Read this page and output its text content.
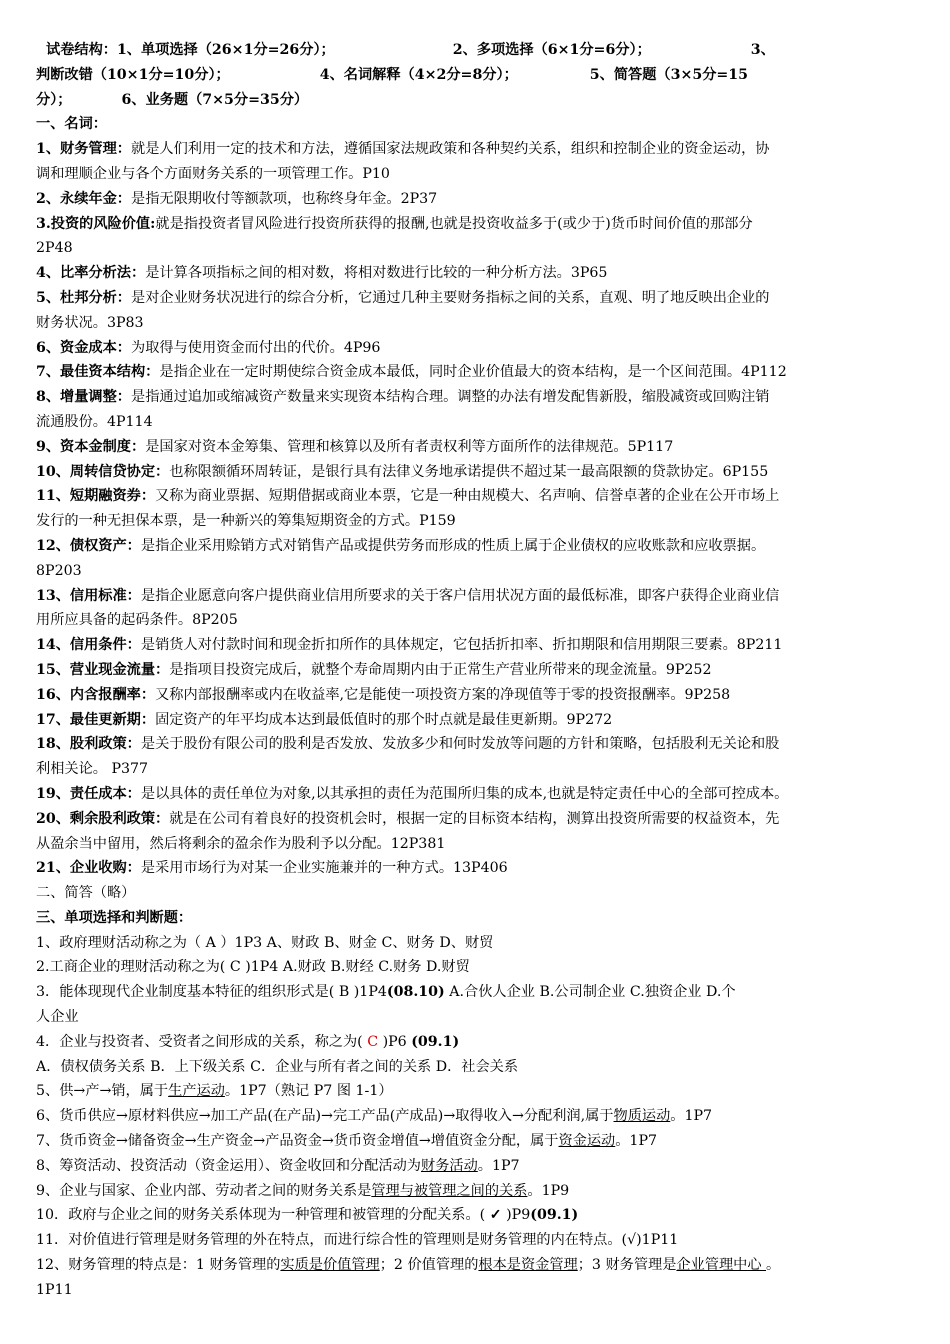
试卷结构：1、单项选择（26×1分=26分）；	2、多项选择（6×1分=6分）；	3、
判断改错（10×1分=10分）；	4、名词解释（4×2分=8分）；	5、简答题（3×5分=15
分）；	6、业务题（7×5分=35分）
一、名词：
1、财务管理：就是人们利用一定的技术和方法，遵循国家法规政策和各种契约关系，组织和控制企业的资金运动，协
调和理顺企业与各个方面财务关系的一项管理工作。P10
2、永续年金：是指无限期收付等额款项，也称终身年金。2P37
3.投资的风险价值:就是指投资者冒风险进行投资所获得的报酬,也就是投资收益多于(或少于)货币时间价值的那部分
2P48
4、比率分析法：是计算各项指标之间的相对数，将相对数进行比较的一种分析方法。3P65
5、杜邦分析：是对企业财务状况进行的综合分析，它通过几种主要财务指标之间的关系，直观、明了地反映出企业的
财务状况。3P83
6、资金成本：为取得与使用资金而付出的代价。4P96
7、最佳资本结构：是指企业在一定时期使综合资金成本最低，同时企业价值最大的资本结构，是一个区间范围。4P112
8、增量调整：是指通过追加或缩减资产数量来实现资本结构合理。调整的办法有增发配售新股，缩股减资或回购注销
流通股份。4P114
9、资本金制度：是国家对资本金筹集、管理和核算以及所有者责权利等方面所作的法律规范。5P117
10、周转信贷协定：也称限额循环周转证，是银行具有法律义务地承诺提供不超过某一最高限额的贷款协定。6P155
11、短期融资券：又称为商业票据、短期借据或商业本票，它是一种由规模大、名声响、信誉卓著的企业在公开市场上
发行的一种无担保本票，是一种新兴的筹集短期资金的方式。P159
12、债权资产：是指企业采用赊销方式对销售产品或提供劳务而形成的性质上属于企业债权的应收账款和应收票据。
8P203
13、信用标准：是指企业愿意向客户提供商业信用所要求的关于客户信用状况方面的最低标准，即客户获得企业商业信
用所应具备的起码条件。8P205
14、信用条件：是销货人对付款时间和现金折扣所作的具体规定，它包括折扣率、折扣期限和信用期限三要素。8P211
15、营业现金流量：是指项目投资完成后，就整个寿命周期内由于正常生产营业所带来的现金流量。9P252
16、内含报酬率：又称内部报酬率或内在收益率,它是能使一项投资方案的净现值等于零的投资报酬率。9P258
17、最佳更新期：固定资产的年平均成本达到最低值时的那个时点就是最佳更新期。9P272
18、股利政策：是关于股份有限公司的股利是否发放、发放多少和何时发放等问题的方针和策略，包括股利无关论和股
利相关论。 P377
19、责任成本：是以具体的责任单位为对象,以其承担的责任为范围所归集的成本,也就是特定责任中心的全部可控成本。
20、剩余股利政策：就是在公司有着良好的投资机会时，根据一定的目标资本结构，测算出投资所需要的权益资本，先
从盈余当中留用，然后将剩余的盈余作为股利予以分配。12P381
21、企业收购：是采用市场行为对某一企业实施兼并的一种方式。13P406
二、简答（略）
三、单项选择和判断题：
1、政府理财活动称之为（ A ）1P3 A、财政 B、财金 C、财务 D、财贸
2.工商企业的理财活动称之为( C )1P4 A.财政 B.财经 C.财务 D.财贸
3．能体现现代企业制度基本特征的组织形式是( B )1P4(08.10) A.合伙人企业 B.公司制企业 C.独资企业 D.个
人企业
4．企业与投资者、受资者之间形成的关系，称之为( C )P6 (09.1)
A．债权债务关系 B．上下级关系 C．企业与所有者之间的关系 D．社会关系
5、供→产→销，属于生产运动。1P7（熟记 P7 图 1-1）
6、货币供应→原材料供应→加工产品(在产品)→完工产品(产成品)→取得收入→分配利润,属于物质运动。1P7
7、货币资金→储备资金→生产资金→产品资金→货币资金增值→增值资金分配，属于资金运动。1P7
8、筹资活动、投资活动（资金运用）、资金收回和分配活动为财务活动。1P7
9、企业与国家、企业内部、劳动者之间的财务关系是管理与被管理之间的关系。1P9
10．政府与企业之间的财务关系体现为一种管理和被管理的分配关系。( ✓ )P9(09.1)
11．对价值进行管理是财务管理的外在特点，而进行综合性的管理则是财务管理的内在特点。(√)1P11
12、财务管理的特点是：1 财务管理的实质是价值管理；2 价值管理的根本是资金管理；3 财务管理是企业管理中心 。
1P11
